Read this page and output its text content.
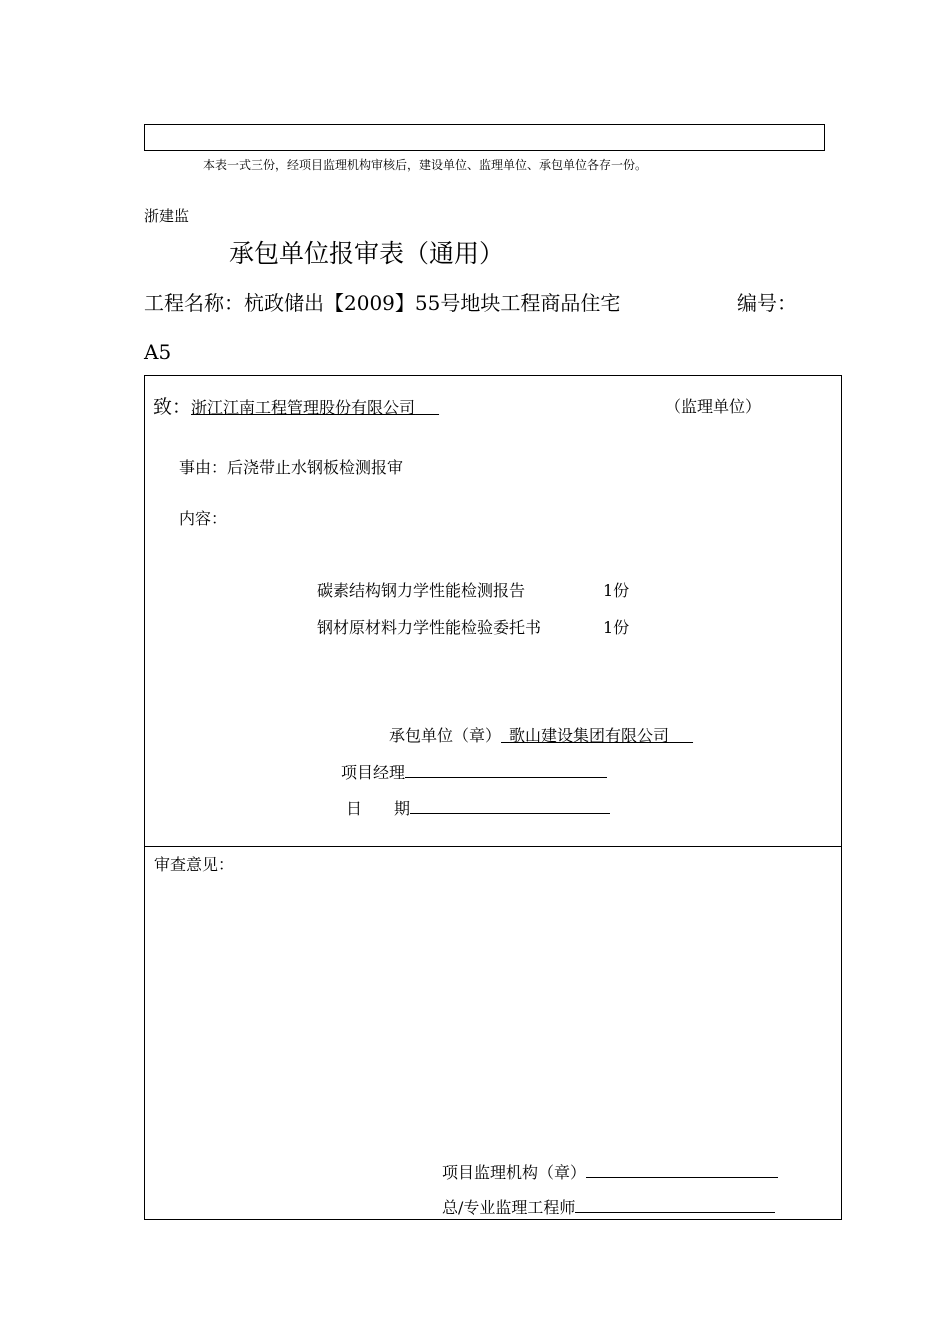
本表一式三份，经项目监理机构审核后，建设单位、监理单位、承包单位各存一份。
浙建监
承包单位报审表（通用）
工程名称：杭政储出【2009】55号地块工程商品住宅	编号：
A5
致：浙江江南工程管理股份有限公司   	（监理单位）
事由：后浇带止水钢板检测报审
内容：
碳素结构钢力学性能检测报告	1份
钢材原材料力学性能检验委托书	1份
承包单位（章）  歌山建设集团有限公司   
项目经理
日　　期
审查意见：
项目监理机构（章）
总/专业监理工程师
